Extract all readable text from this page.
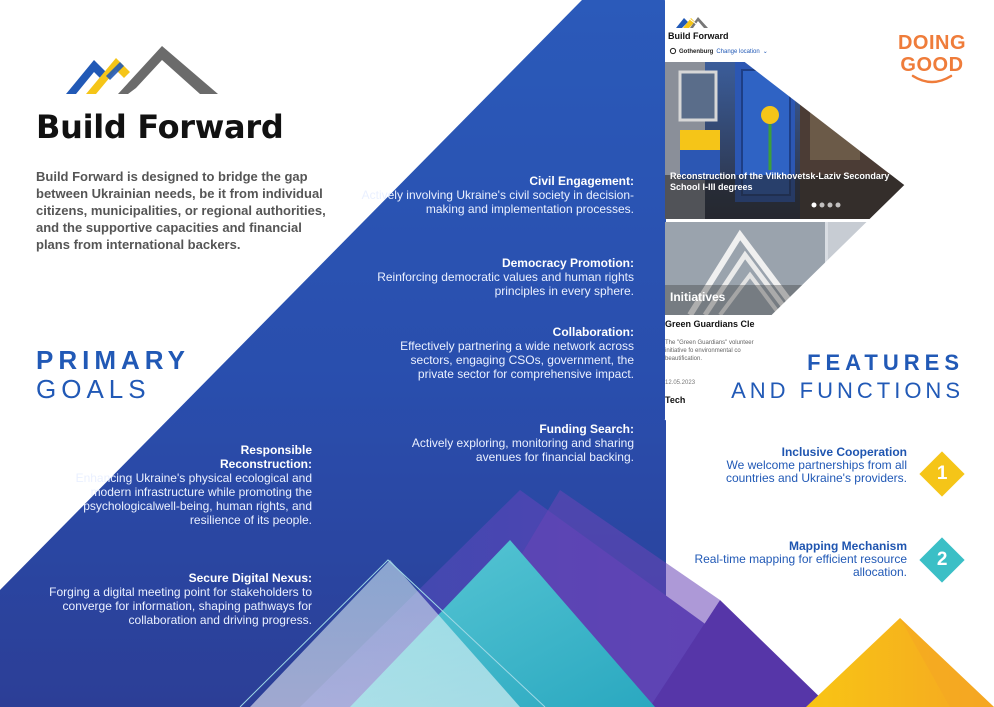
Build Forward
Gothenburg Change location ⌄
Reconstruction of the Vilkhovetsk-Laziv Secondary School I-III degrees
Initiatives
Green Guardians Cle
The "Green Guardians" volunteer initiative fo environmental co beautification.
12.05.2023
Tech
Build Forward
Build Forward is designed to bridge the gap between Ukrainian needs, be it from individual citizens, municipalities, or regional authorities, and the supportive capacities and financial plans from international backers.
PRIMARY
GOALS
Civil Engagement:
Actively involving Ukraine's civil society in decision-making and implementation processes.
Democracy Promotion:
Reinforcing democratic values and human rights principles in every sphere.
Collaboration:
Effectively partnering a wide network across sectors, engaging CSOs, government, the private sector for comprehensive impact.
Funding Search:
Actively exploring, monitoring and sharing avenues for financial backing.
Responsible Reconstruction:
Enhancing Ukraine's physical ecological and modern infrastructure while promoting the psychologicalwell-being, human rights, and resilience of its people.
Secure Digital Nexus:
Forging a digital meeting point for stakeholders to converge for information, shaping pathways for collaboration and driving progress.
FEATURES
AND FUNCTIONS
Inclusive Cooperation
We welcome partnerships from all countries and Ukraine's providers. 1
Mapping Mechanism
Real-time mapping for efficient resource allocation.
2
DOING
GOOD
